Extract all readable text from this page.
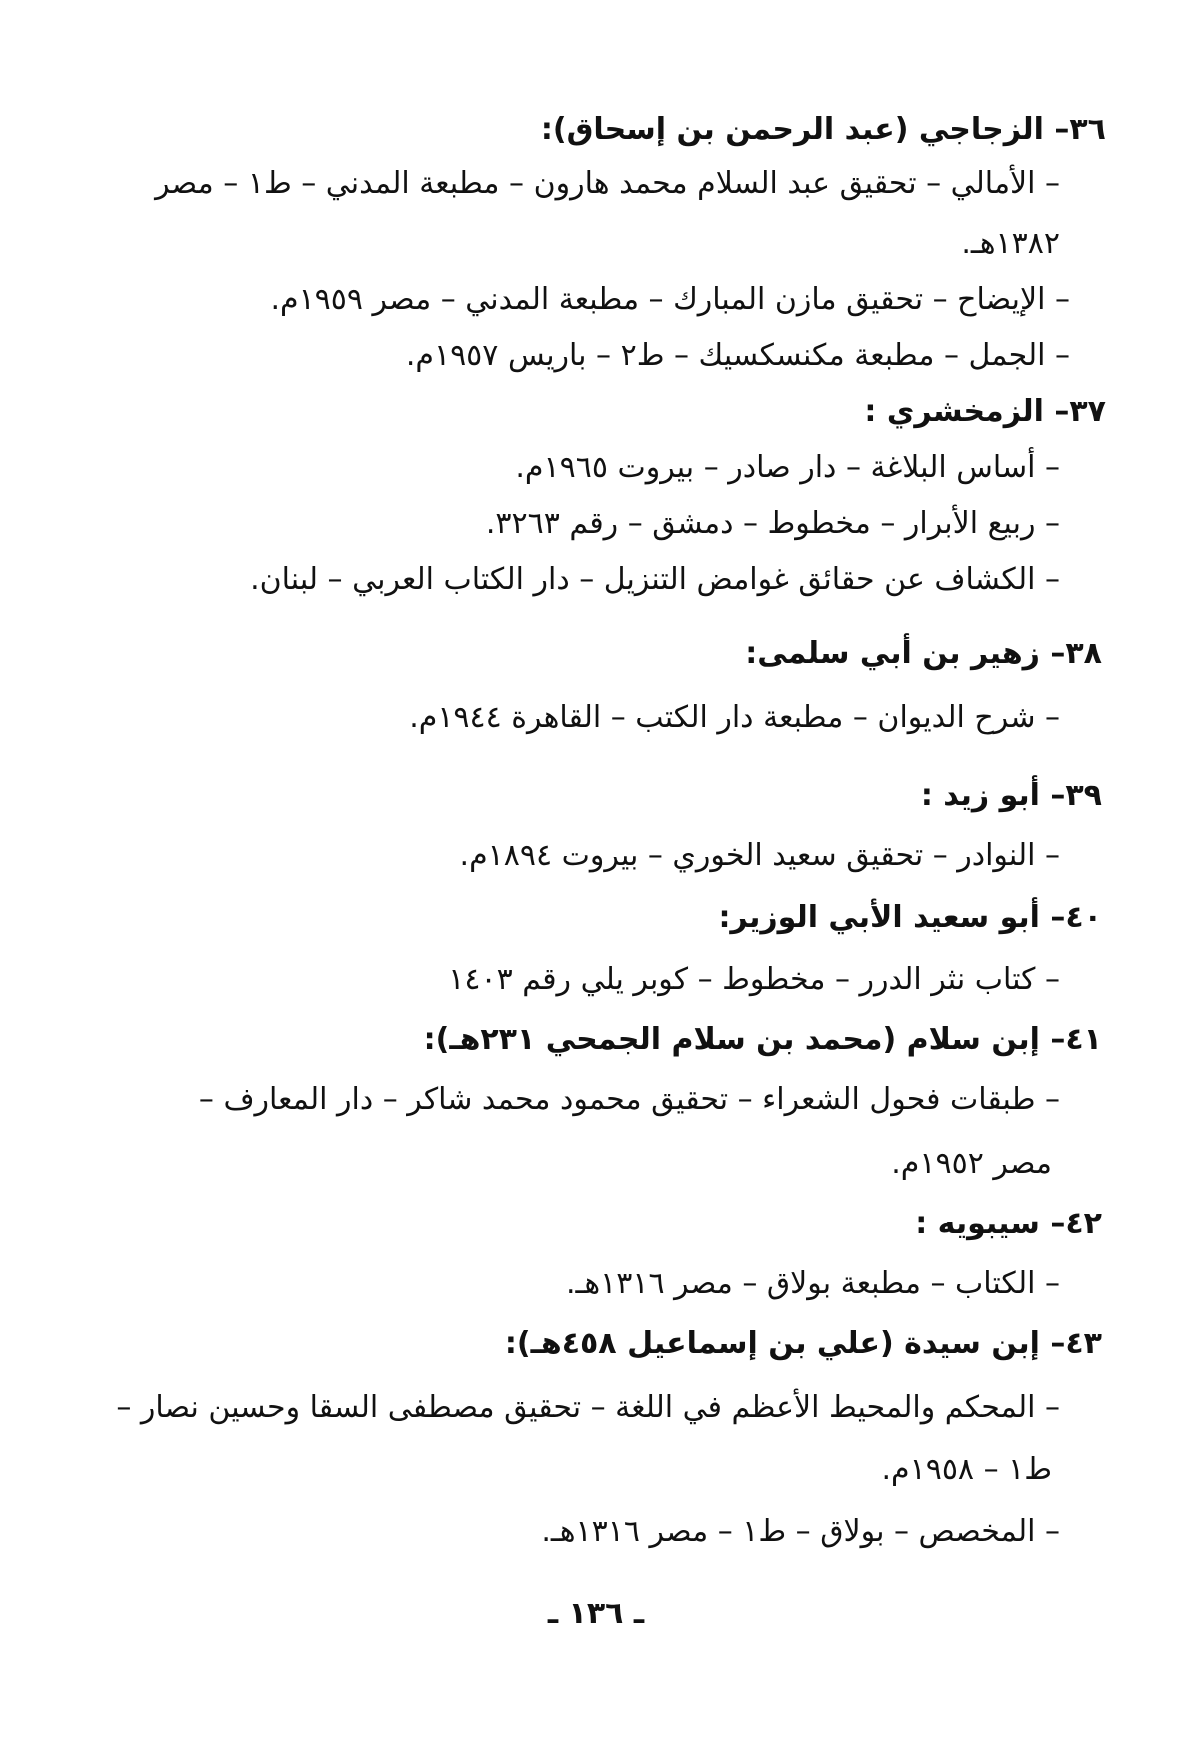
٣٦– الزجاجي (عبد الرحمن بن إسحاق):
– الأمالي – تحقيق عبد السلام محمد هارون – مطبعة المدني – ط١ – مصر
١٣٨٢هـ.
– الإيضاح – تحقيق مازن المبارك – مطبعة المدني – مصر ١٩٥٩م.
– الجمل – مطبعة مكنسكسيك – ط٢ – باريس ١٩٥٧م.
٣٧– الزمخشري :
– أساس البلاغة – دار صادر – بيروت ١٩٦٥م.
– ربيع الأبرار – مخطوط – دمشق – رقم ٣٢٦٣.
– الكشاف عن حقائق غوامض التنزيل – دار الكتاب العربي – لبنان.
٣٨– زهير بن أبي سلمى:
– شرح الديوان – مطبعة دار الكتب – القاهرة ١٩٤٤م.
٣٩– أبو زيد :
– النوادر – تحقيق سعيد الخوري – بيروت ١٨٩٤م.
٤٠– أبو سعيد الأبي الوزير:
– كتاب نثر الدرر – مخطوط – كوبر يلي رقم ١٤٠٣
٤١– إبن سلام (محمد بن سلام الجمحي ٢٣١هـ):
– طبقات فحول الشعراء – تحقيق محمود محمد شاكر – دار المعارف –
مصر ١٩٥٢م.
٤٢– سيبويه :
– الكتاب – مطبعة بولاق – مصر ١٣١٦هـ.
٤٣– إبن سيدة (علي بن إسماعيل ٤٥٨هـ):
– المحكم والمحيط الأعظم في اللغة – تحقيق مصطفى السقا وحسين نصار –
ط١ – ١٩٥٨م.
– المخصص – بولاق – ط١ – مصر ١٣١٦هـ.
ـ ١٣٦ ـ
